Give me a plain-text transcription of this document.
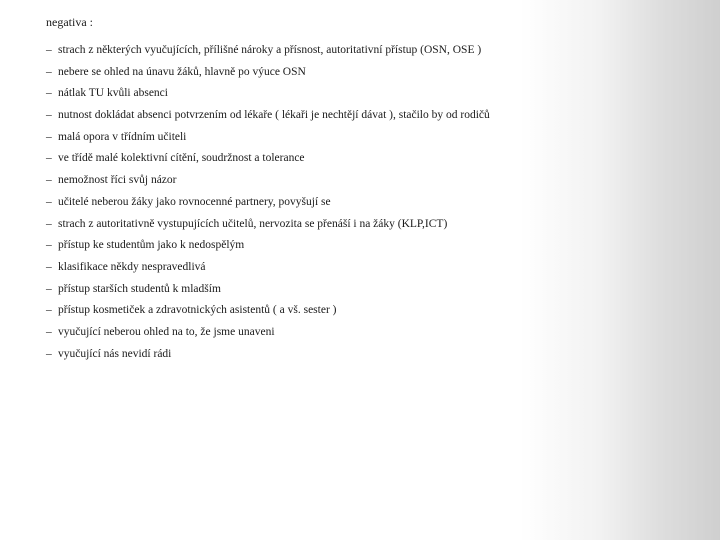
negativa :
– strach z některých vyučujících, přílišné nároky a přísnost, autoritativní přístup (OSN, OSE )
– nebere se ohled na únavu žáků, hlavně po výuce OSN
– nátlak TU kvůli absenci
– nutnost dokládat absenci potvrzením od lékaře ( lékaři je nechtějí dávat ), stačilo by od rodičů
– malá opora v třídním učiteli
– ve třídě malé kolektivní cítění, soudržnost a tolerance
– nemožnost říci svůj názor
– učitelé neberou žáky jako rovnocenné partnery, povyšují se
– strach z autoritativně vystupujících učitelů, nervozita se přenáší i na žáky (KLP,ICT)
– přístup ke studentům jako k nedospělým
– klasifikace někdy nespravedlivá
– přístup starších studentů k mladším
– přístup kosmetiček a zdravotnických asistentů ( a vš. sester )
– vyučující neberou ohled na to, že jsme unaveni
– vyučující nás nevidí rádi
